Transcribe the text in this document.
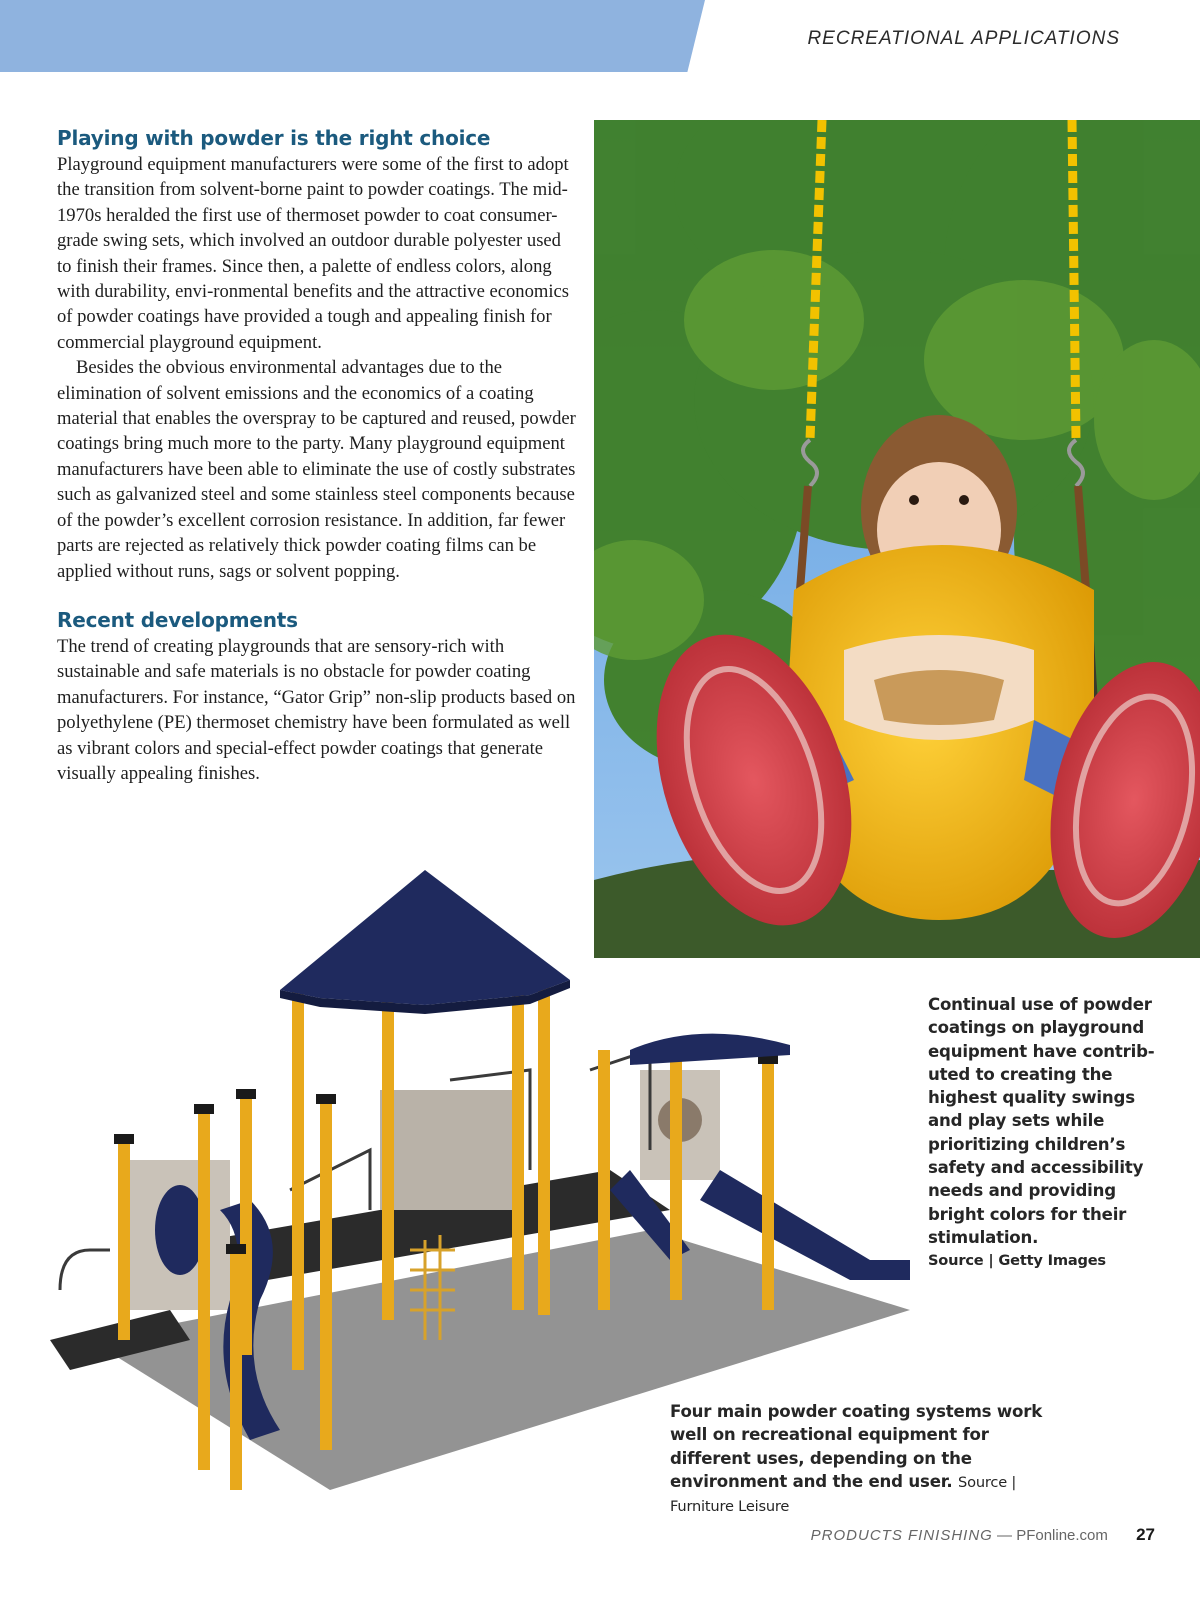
RECREATIONAL APPLICATIONS
Playing with powder is the right choice

Playground equipment manufacturers were some of the first to adopt the transition from solvent-borne paint to powder coatings. The mid-1970s heralded the first use of thermoset powder to coat consumer-grade swing sets, which involved an outdoor durable polyester used to finish their frames. Since then, a palette of endless colors, along with durability, envi-ronmental benefits and the attractive economics of powder coatings have provided a tough and appealing finish for commercial playground equipment.

Besides the obvious environmental advantages due to the elimination of solvent emissions and the economics of a coating material that enables the overspray to be captured and reused, powder coatings bring much more to the party. Many playground equipment manufacturers have been able to eliminate the use of costly substrates such as galvanized steel and some stainless steel components because of the powder’s excellent corrosion resistance. In addition, far fewer parts are rejected as relatively thick powder coating films can be applied without runs, sags or solvent popping.

Recent developments

The trend of creating playgrounds that are sensory-rich with sustainable and safe materials is no obstacle for powder coating manufacturers. For instance, “Gator Grip” non-slip products based on polyethylene (PE) thermoset chemistry have been formulated as well as vibrant colors and special-effect powder coatings that generate visually appealing finishes.

Continual use of powder coatings on playground equipment have contrib-uted to creating the highest quality swings and play sets while prioritizing children’s safety and accessibility needs and providing bright colors for their stimulation.
Source | Getty Images
Four main powder coating systems work well on recreational equipment for different uses, depending on the environment and the end user. Source | Furniture Leisure
PRODUCTS FINISHING — PFonline.com 27
